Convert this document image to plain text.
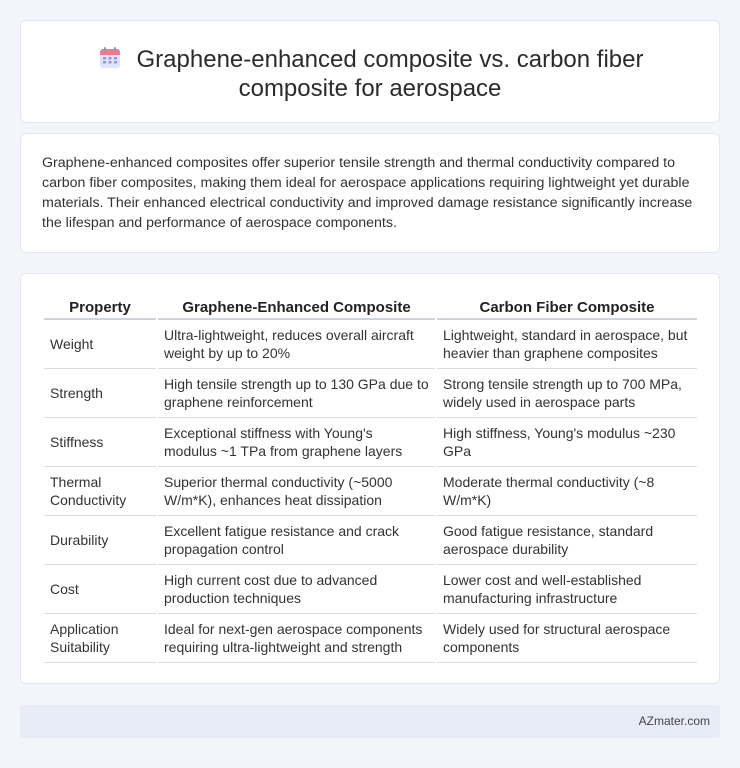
Graphene-enhanced composite vs. carbon fiber
composite for aerospace

Graphene-enhanced composites offer superior tensile strength and thermal conductivity compared to carbon fiber composites, making them ideal for aerospace applications requiring lightweight yet durable materials. Their enhanced electrical conductivity and improved damage resistance significantly increase the lifespan and performance of aerospace components.

Property	Graphene-Enhanced Composite	Carbon Fiber Composite
Weight	Ultra-lightweight, reduces overall aircraft weight by up to 20%	Lightweight, standard in aerospace, but heavier than graphene composites
Strength	High tensile strength up to 130 GPa due to graphene reinforcement	Strong tensile strength up to 700 MPa, widely used in aerospace parts
Stiffness	Exceptional stiffness with Young's modulus ~1 TPa from graphene layers	High stiffness, Young's modulus ~230 GPa
Thermal Conductivity	Superior thermal conductivity (~5000 W/m*K), enhances heat dissipation	Moderate thermal conductivity (~8 W/m*K)
Durability	Excellent fatigue resistance and crack propagation control	Good fatigue resistance, standard aerospace durability
Cost	High current cost due to advanced production techniques	Lower cost and well-established manufacturing infrastructure
Application Suitability	Ideal for next-gen aerospace components requiring ultra-lightweight and strength	Widely used for structural aerospace components
AZmater.com
